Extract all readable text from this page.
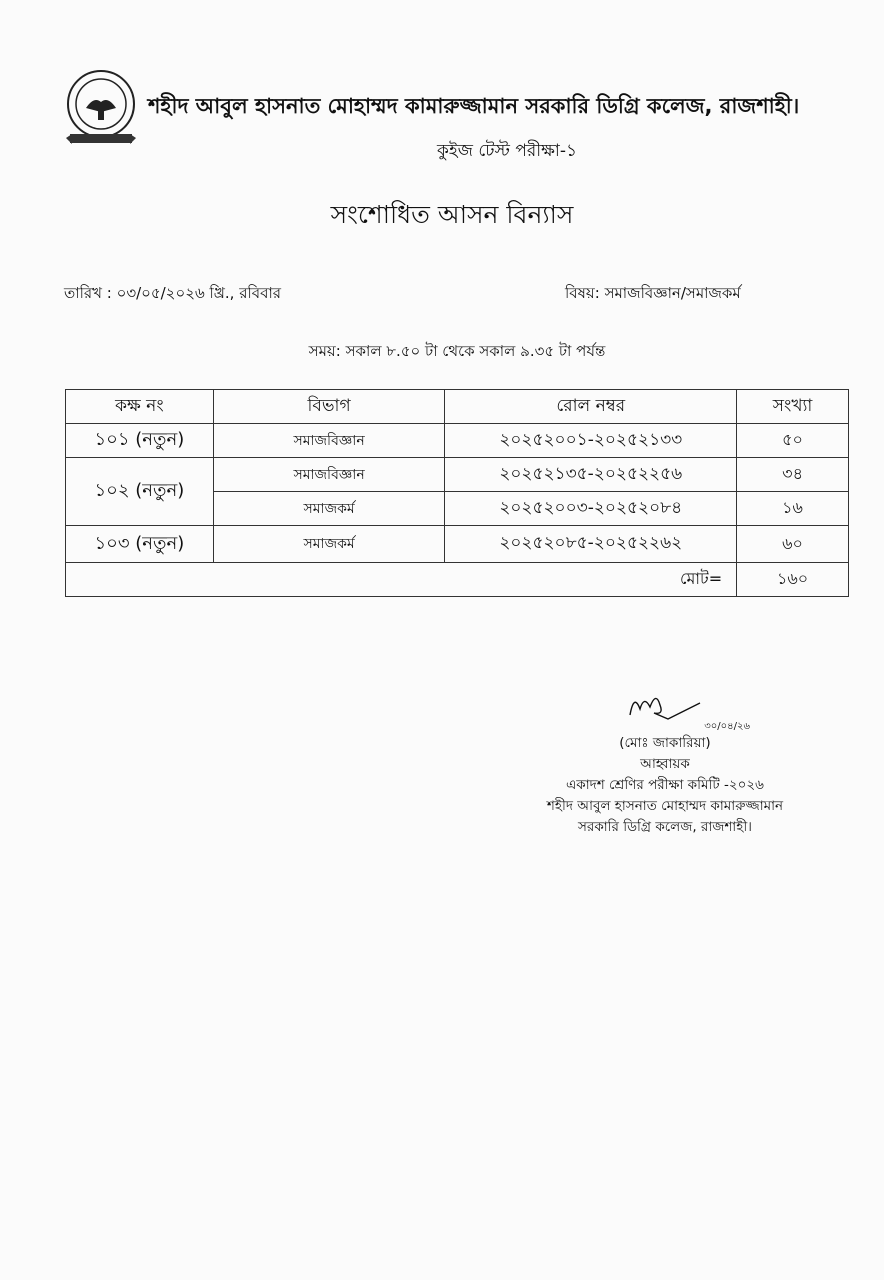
শহীদ আবুল হাসনাত মোহাম্মদ কামারুজ্জামান সরকারি ডিগ্রি কলেজ, রাজশাহী।
কুইজ টেস্ট পরীক্ষা-১
সংশোধিত আসন বিন্যাস
তারিখ : ০৩/০৫/২০২৬ খ্রি., রবিবার	বিষয়: সমাজবিজ্ঞান/সমাজকর্ম
সময়: সকাল ৮.৫০ টা থেকে সকাল ৯.৩৫ টা পর্যন্ত
কক্ষ নং	বিভাগ	রোল নম্বর	সংখ্যা
১০১ (নতুন)	সমাজবিজ্ঞান	২০২৫২০০১-২০২৫২১৩৩	৫০
১০২ (নতুন)	সমাজবিজ্ঞান	২০২৫২১৩৫-২০২৫২২৫৬	৩৪
	সমাজকর্ম	২০২৫২০০৩-২০২৫২০৮৪	১৬
১০৩ (নতুন)	সমাজকর্ম	২০২৫২০৮৫-২০২৫২২৬২	৬০
মোট=			১৬০
৩০/০৪/২৬
(মোঃ জাকারিয়া)
আহ্বায়ক
একাদশ শ্রেণির পরীক্ষা কমিটি -২০২৬
শহীদ আবুল হাসনাত মোহাম্মদ কামারুজ্জামান
সরকারি ডিগ্রি কলেজ, রাজশাহী।
